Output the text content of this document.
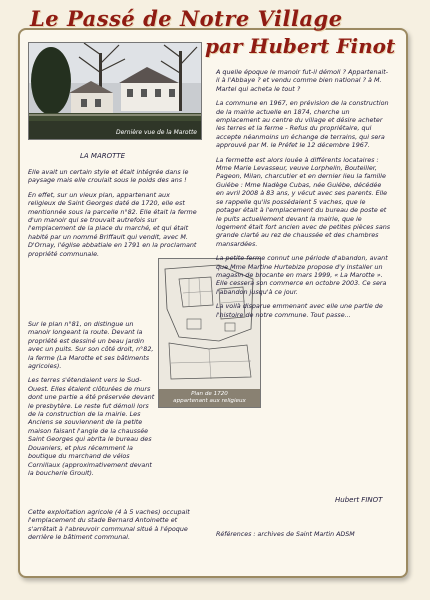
Le Passé de Notre Village
par Hubert Finot
Dernière vue de la Marotte
LA MAROTTE

Elle avait un certain style et était intégrée dans le paysage mais elle croulait sous le poids des ans !

En effet, sur un vieux plan, appartenant aux religieux de Saint Georges daté de 1720, elle est mentionnée sous la parcelle n°82. Elle était la ferme d'un manoir qui se trouvait autrefois sur l'emplacement de la place du marché, et qui était habité par un nommé Briffault qui vendit, avec M. D'Ornay, l'église abbatiale en 1791 en la proclamant propriété communale.

Sur le plan n°81, on distingue un manoir longeant la route. Devant la propriété est dessiné un beau jardin avec un puits. Sur son côté droit, n°82, la ferme (La Marotte et ses bâtiments agricoles).

Les terres s'étendaient vers le Sud-Ouest. Elles étaient clôturées de murs dont une partie a été préservée devant le presbytère. Le reste fut démoli lors de la construction de la mairie. Les Anciens se souviennent de la petite maison faisant l'angle de la chaussée Saint Georges qui abrita le bureau des Douaniers, et plus récemment la boutique du marchand de vélos Cornillaux (approximativement devant la boucherie Groult).

Cette exploitation agricole (4 à 5 vaches) occupait l'emplacement du stade Bernard Antoinette et s'arrêtait à l'abreuvoir communal situé à l'époque derrière le bâtiment communal.

Plan de 1720
appartenant aux religieux

A quelle époque le manoir fut-il démoli ? Appartenait-il à l'Abbaye ? et vendu comme bien national ? à M. Martel qui acheta le tout ?

La commune en 1967, en prévision de la construction de la mairie actuelle en 1874, cherche un emplacement au centre du village et désire acheter les terres et la ferme - Refus du propriétaire, qui accepte néanmoins un échange de terrains, qui sera approuvé par M. le Préfet le 12 décembre 1967.

La fermette est alors louée à différents locataires : Mme Marie Levasseur, veuve Lorphelin, Bouteiller, Pageon, Milan, charcutier et en dernier lieu la famille Guiébe : Mme Nadège Cubas, née Guiébe, décédée en avril 2008 à 83 ans, y vécut avec ses parents. Elle se rappelle qu'ils possédaient 5 vaches, que le potager était à l'emplacement du bureau de poste et le puits actuellement devant la mairie, que le logement était fort ancien avec de petites pièces sans grande clarté au rez de chaussée et des chambres mansardées.

La petite ferme connut une période d'abandon, avant que Mme Martine Hurtebize propose d'y installer un magasin de brocante en mars 1999, « La Marotte ». Elle cessera son commerce en octobre 2003. Ce sera l'abandon jusqu'à ce jour.

La voilà disparue emmenant avec elle une partie de l'histoire de notre commune. Tout passe...

Hubert FINOT
Références : archives de Saint Martin ADSM
